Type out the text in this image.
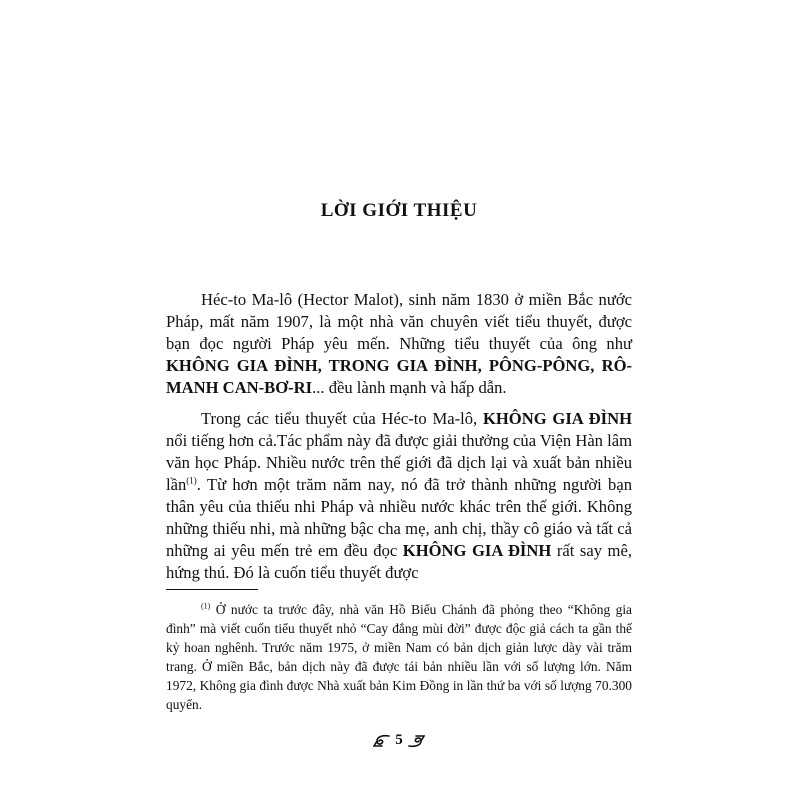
LỜI GIỚI THIỆU

Héc-to Ma-lô (Hector Malot), sinh năm 1830 ở miền Bắc nước Pháp, mất năm 1907, là một nhà văn chuyên viết tiểu thuyết, được bạn đọc người Pháp yêu mến. Những tiểu thuyết của ông như KHÔNG GIA ĐÌNH, TRONG GIA ĐÌNH, PÔNG-PÔNG, RÔ-MANH CAN-BƠ-RI... đều lành mạnh và hấp dẫn.

Trong các tiểu thuyết của Héc-to Ma-lô, KHÔNG GIA ĐÌNH nổi tiếng hơn cả.Tác phẩm này đã được giải thưởng của Viện Hàn lâm văn học Pháp. Nhiều nước trên thế giới đã dịch lại và xuất bản nhiều lần$^{(1)}$. Từ hơn một trăm năm nay, nó đã trở thành những người bạn thân yêu của thiếu nhi Pháp và nhiều nước khác trên thế giới. Không những thiếu nhi, mà những bậc cha mẹ, anh chị, thầy cô giáo và tất cả những ai yêu mến trẻ em đều đọc KHÔNG GIA ĐÌNH rất say mê, hứng thú. Đó là cuốn tiểu thuyết được

$^{(1)}$ Ở nước ta trước đây, nhà văn Hồ Biểu Chánh đã phỏng theo “Không gia đình” mà viết cuốn tiểu thuyết nhỏ “Cay đắng mùi đời” được độc giả cách ta gần thế kỷ hoan nghênh. Trước năm 1975, ở miền Nam có bản dịch giản lược dày vài trăm trang. Ở miền Bắc, bản dịch này đã được tái bản nhiều lần với số lượng lớn. Năm 1972, Không gia đình được Nhà xuất bản Kim Đồng in lần thứ ba với số lượng 70.300 quyển.

5
